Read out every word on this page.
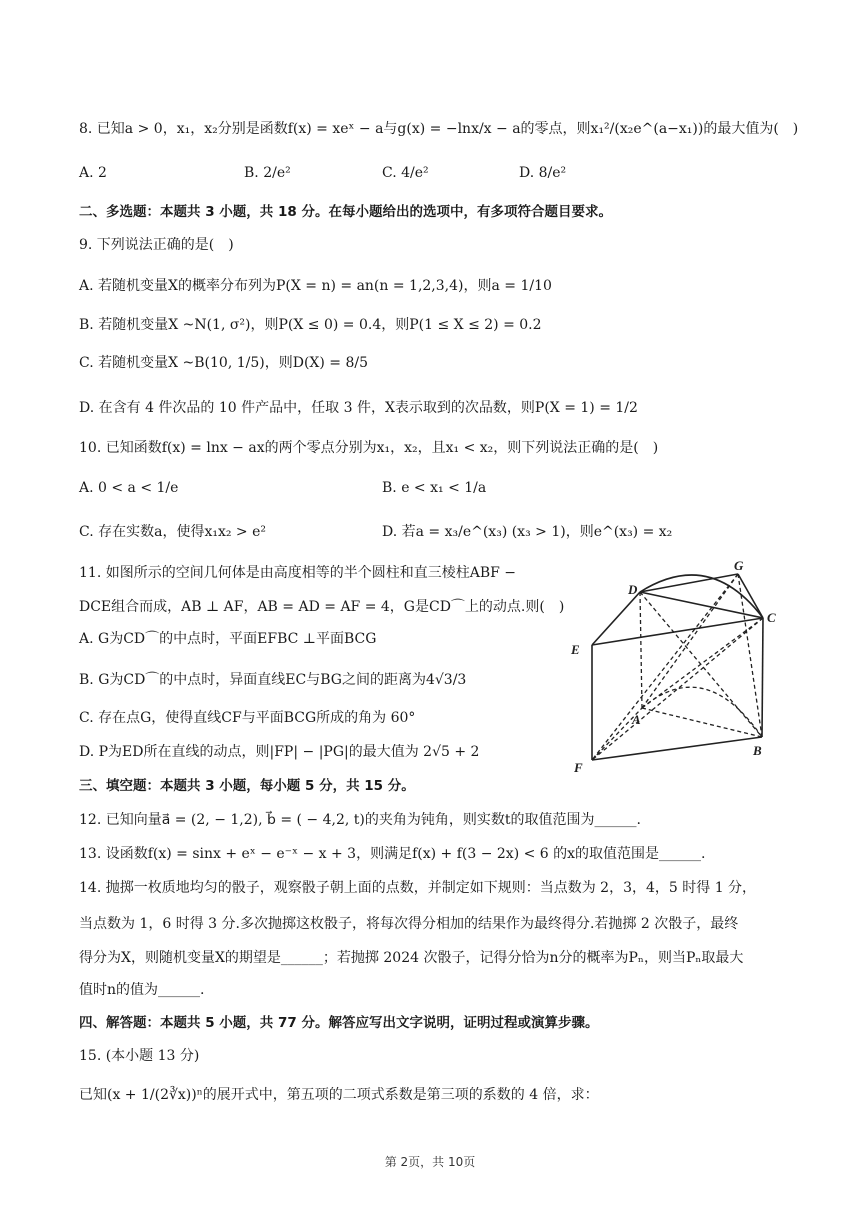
8. 已知a > 0，x₁，x₂分别是函数f(x) = xeˣ − a与g(x) = −lnx/x − a的零点，则x₁²/(x₂e^(a−x₁))的最大值为(　)
A. 2	B. 2/e²	C. 4/e²	D. 8/e²
二、多选题：本题共 3 小题，共 18 分。在每小题给出的选项中，有多项符合题目要求。
9. 下列说法正确的是(　)
A. 若随机变量X的概率分布列为P(X = n) = an(n = 1,2,3,4)，则a = 1/10
B. 若随机变量X ~N(1, σ²)，则P(X ≤ 0) = 0.4，则P(1 ≤ X ≤ 2) = 0.2
C. 若随机变量X ~B(10, 1/5)，则D(X) = 8/5
D. 在含有 4 件次品的 10 件产品中，任取 3 件，X表示取到的次品数，则P(X = 1) = 1/2
10. 已知函数f(x) = lnx − ax的两个零点分别为x₁，x₂，且x₁ < x₂，则下列说法正确的是(　)
A. 0 < a < 1/e	B. e < x₁ < 1/a
C. 存在实数a，使得x₁x₂ > e²	D. 若a = x₃/e^(x₃) (x₃ > 1)，则e^(x₃) = x₂
11. 如图所示的空间几何体是由高度相等的半个圆柱和直三棱柱ABF −
DCE组合而成，AB ⊥ AF，AB = AD = AF = 4，G是CD⌒上的动点.则(　)
A. G为CD⌒的中点时，平面EFBC ⊥平面BCG
B. G为CD⌒的中点时，异面直线EC与BG之间的距离为4√3/3
C. 存在点G，使得直线CF与平面BCG所成的角为 60°
D. P为ED所在直线的动点，则|FP| − |PG|的最大值为 2√5 + 2
D
G
C
E
A
B
F
三、填空题：本题共 3 小题，每小题 5 分，共 15 分。
12. 已知向量a⃗ = (2, − 1,2), b⃗ = ( − 4,2, t)的夹角为钝角，则实数t的取值范围为______.
13. 设函数f(x) = sinx + eˣ − e⁻ˣ − x + 3，则满足f(x) + f(3 − 2x) < 6 的x的取值范围是______.
14. 抛掷一枚质地均匀的骰子，观察骰子朝上面的点数，并制定如下规则：当点数为 2，3，4，5 时得 1 分，
当点数为 1，6 时得 3 分.多次抛掷这枚骰子，将每次得分相加的结果作为最终得分.若抛掷 2 次骰子，最终
得分为X，则随机变量X的期望是______；若抛掷 2024 次骰子，记得分恰为n分的概率为Pₙ，则当Pₙ取最大
值时n的值为______.
四、解答题：本题共 5 小题，共 77 分。解答应写出文字说明，证明过程或演算步骤。
15. (本小题 13 分)
已知(x + 1/(2∛x))ⁿ的展开式中，第五项的二项式系数是第三项的系数的 4 倍，求：
第 2页，共 10页
